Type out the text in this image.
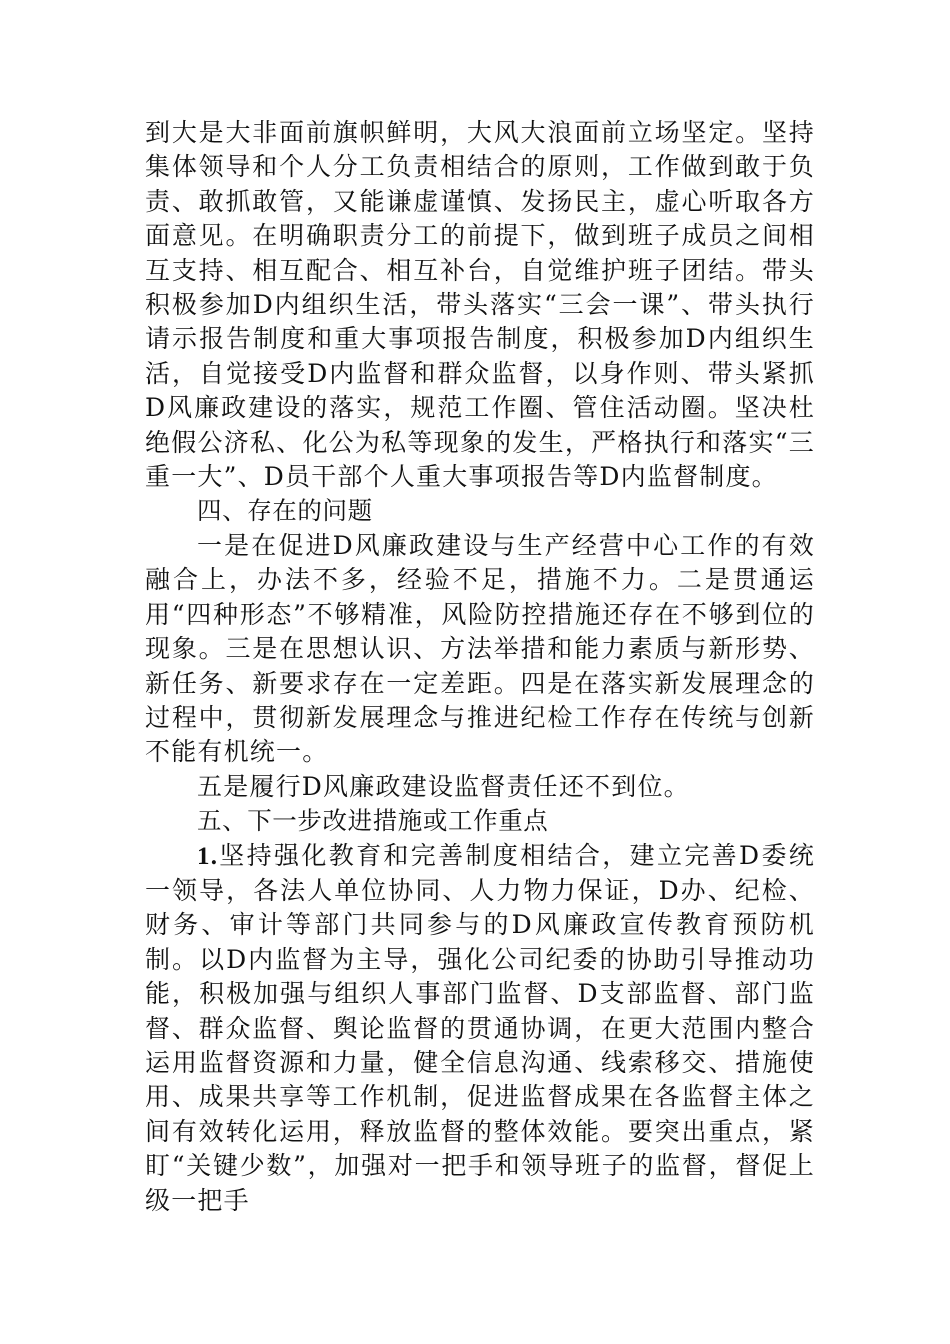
到大是大非面前旗帜鲜明，大风大浪面前立场坚定。坚持集体领导和个人分工负责相结合的原则，工作做到敢于负责、敢抓敢管，又能谦虚谨慎、发扬民主，虚心听取各方面意见。在明确职责分工的前提下，做到班子成员之间相互支持、相互配合、相互补台，自觉维护班子团结。带头积极参加D内组织生活，带头落实“三会一课”、带头执行请示报告制度和重大事项报告制度，积极参加D内组织生活，自觉接受D内监督和群众监督，以身作则、带头紧抓D风廉政建设的落实，规范工作圈、管住活动圈。坚决杜绝假公济私、化公为私等现象的发生，严格执行和落实“三重一大”、D员干部个人重大事项报告等D内监督制度。

四、存在的问题

一是在促进D风廉政建设与生产经营中心工作的有效融合上，办法不多，经验不足，措施不力。二是贯通运用“四种形态”不够精准，风险防控措施还存在不够到位的现象。三是在思想认识、方法举措和能力素质与新形势、新任务、新要求存在一定差距。四是在落实新发展理念的过程中，贯彻新发展理念与推进纪检工作存在传统与创新不能有机统一。

五是履行D风廉政建设监督责任还不到位。

五、下一步改进措施或工作重点

1.坚持强化教育和完善制度相结合，建立完善D委统一领导，各法人单位协同、人力物力保证，D办、纪检、财务、审计等部门共同参与的D风廉政宣传教育预防机制。以D内监督为主导，强化公司纪委的协助引导推动功能，积极加强与组织人事部门监督、D支部监督、部门监督、群众监督、舆论监督的贯通协调，在更大范围内整合运用监督资源和力量，健全信息沟通、线索移交、措施使用、成果共享等工作机制，促进监督成果在各监督主体之间有效转化运用，释放监督的整体效能。要突出重点，紧盯“关键少数”，加强对一把手和领导班子的监督，督促上级一把手
